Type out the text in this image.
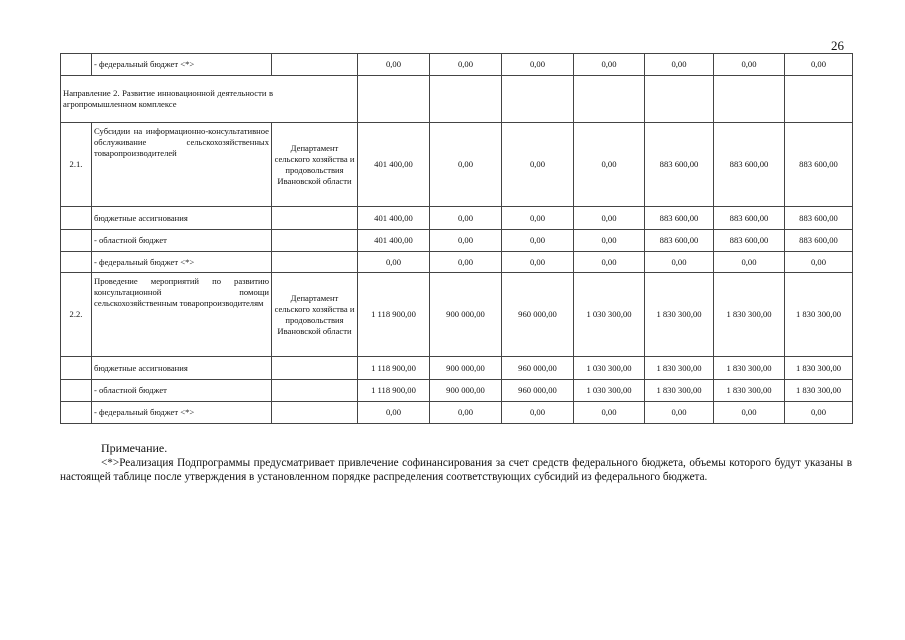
26
	- федеральный бюджет <*>		0,00	0,00	0,00	0,00	0,00	0,00	0,00

Направление 2. Развитие инновационной деятельности в агропромышленном комплексе									

2.1.	Субсидии на информационно-консультативное обслуживание сельскохозяйственных товаропроизводителей	Департамент сельского хозяйства и продовольствия Ивановской области	401 400,00	0,00	0,00	0,00	883 600,00	883 600,00	883 600,00
	бюджетные ассигнования		401 400,00	0,00	0,00	0,00	883 600,00	883 600,00	883 600,00
	- областной бюджет		401 400,00	0,00	0,00	0,00	883 600,00	883 600,00	883 600,00
	- федеральный бюджет <*>		0,00	0,00	0,00	0,00	0,00	0,00	0,00
2.2.	Проведение мероприятий по развитию консультационной помощи сельскохозяйственным товаропроизводителям	Департамент сельского хозяйства и продовольствия Ивановской области	1 118 900,00	900 000,00	960 000,00	1 030 300,00	1 830 300,00	1 830 300,00	1 830 300,00
	бюджетные ассигнования		1 118 900,00	900 000,00	960 000,00	1 030 300,00	1 830 300,00	1 830 300,00	1 830 300,00
	- областной бюджет		1 118 900,00	900 000,00	960 000,00	1 030 300,00	1 830 300,00	1 830 300,00	1 830 300,00
	- федеральный бюджет <*>		0,00	0,00	0,00	0,00	0,00	0,00	0,00
Примечание.
<*>Реализация Подпрограммы предусматривает привлечение софинансирования за счет средств федерального бюджета, объемы которого будут указаны в настоящей таблице после утверждения в установленном порядке распределения соответствующих субсидий из федерального бюджета.
